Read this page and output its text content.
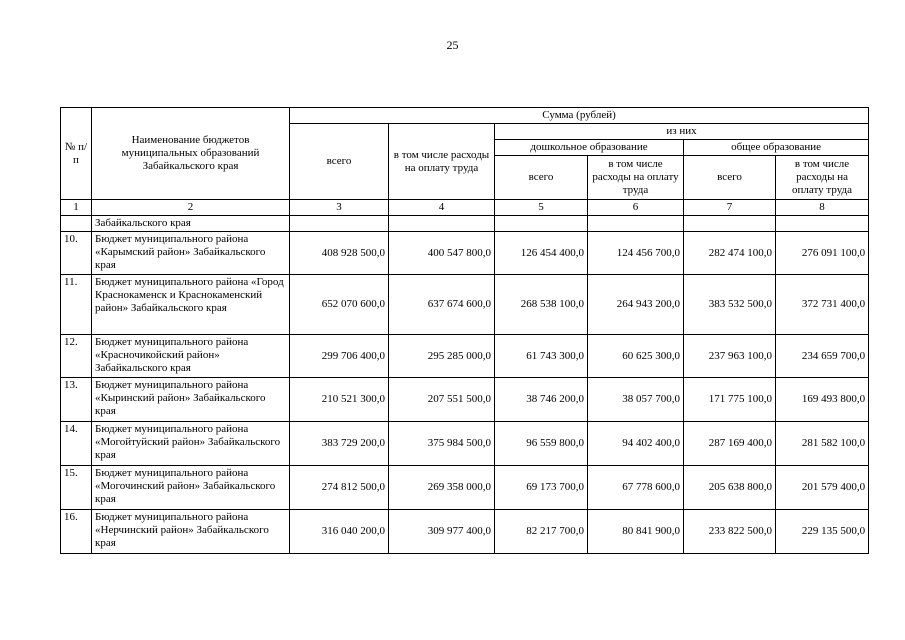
25
№ п/п	Наименование бюджетов муниципальных образований Забайкальского края	Сумма (рублей)					
		всего	в том числе расходы на оплату труда	из них			
				дошкольное образование		общее образование	
				всего	в том числе расходы на оплату труда	всего	в том числе расходы на оплату труда
1	2	3	4	5	6	7	8
	Забайкальского края						
10.	Бюджет муниципального района «Карымский район» Забайкальского края	408 928 500,0	400 547 800,0	126 454 400,0	124 456 700,0	282 474 100,0	276 091 100,0
11.	Бюджет муниципального района «Город Краснокаменск и Краснокаменский район» Забайкальского края	652 070 600,0	637 674 600,0	268 538 100,0	264 943 200,0	383 532 500,0	372 731 400,0
12.	Бюджет муниципального района «Красночикойский район» Забайкальского края	299 706 400,0	295 285 000,0	61 743 300,0	60 625 300,0	237 963 100,0	234 659 700,0
13.	Бюджет муниципального района «Кыринский район» Забайкальского края	210 521 300,0	207 551 500,0	38 746 200,0	38 057 700,0	171 775 100,0	169 493 800,0
14.	Бюджет муниципального района «Могойтуйский район» Забайкальского края	383 729 200,0	375 984 500,0	96 559 800,0	94 402 400,0	287 169 400,0	281 582 100,0
15.	Бюджет муниципального района «Могочинский район» Забайкальского края	274 812 500,0	269 358 000,0	69 173 700,0	67 778 600,0	205 638 800,0	201 579 400,0
16.	Бюджет муниципального района «Нерчинский район» Забайкальского края	316 040 200,0	309 977 400,0	82 217 700,0	80 841 900,0	233 822 500,0	229 135 500,0
